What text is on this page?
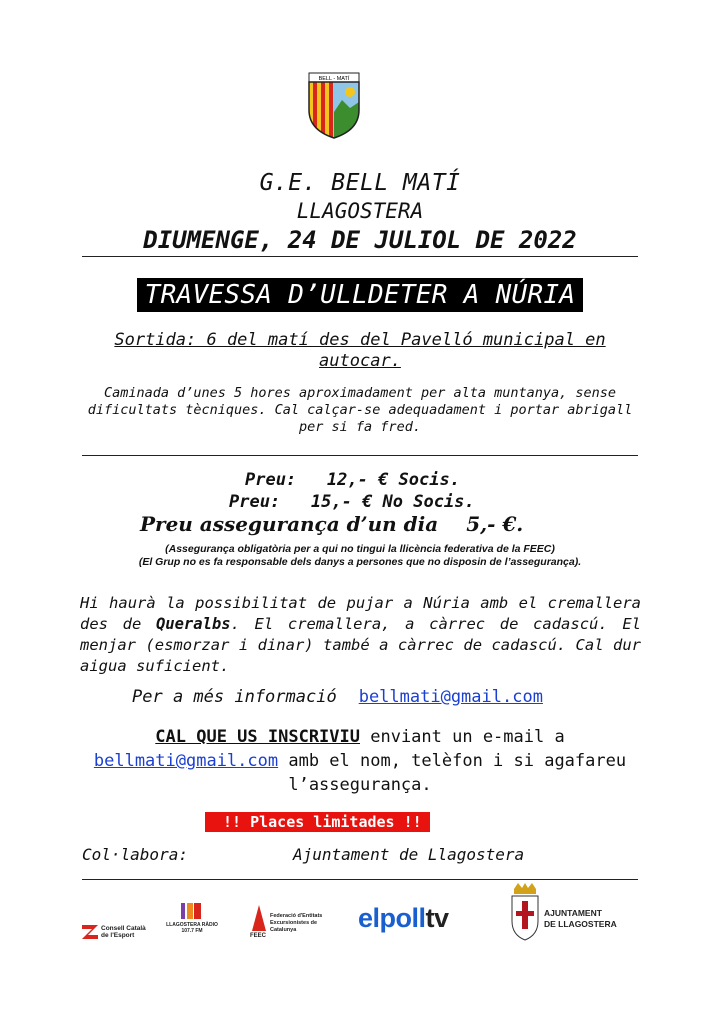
BELL - MATÍ
G.E. BELL MATÍ
LLAGOSTERA
DIUMENGE, 24 DE JULIOL DE 2022
TRAVESSA D’ULLDETER A NÚRIA
Sortida: 6 del matí des del Pavelló municipal en autocar.
Caminada d’unes 5 hores aproximadament per alta muntanya, sense dificultats tècniques. Cal calçar-se adequadament i portar abrigall per si fa fred.
Preu:   12,- € Socis.
Preu:   15,- € No Socis.
Preu assegurança d’un dia 5,- €.
(Assegurança obligatòria per a qui no tingui la llicència federativa de la FEEC)
(El Grup no es fa responsable dels danys a persones que no disposin de l’assegurança).
Hi haurà la possibilitat de pujar a Núria amb el cremallera des de Queralbs. El cremallera, a càrrec de cadascú. El menjar (esmorzar i dinar) també a càrrec de cadascú. Cal dur aigua suficient.
Per a més informació bellmati@gmail.com
CAL QUE US INSCRIVIU enviant un e-mail a
bellmati@gmail.com amb el nom, telèfon i si agafareu l’assegurança.
!! Places limitades !!
Col·labora:	Ajuntament de Llagostera
Consell Català
de l'Esport
LLAGOSTERA RÀDIO
107.7 FM
FEEC
Federació d'Entitats
Excursionistes de Catalunya	elpolltv	AJUNTAMENT
DE LLAGOSTERA
